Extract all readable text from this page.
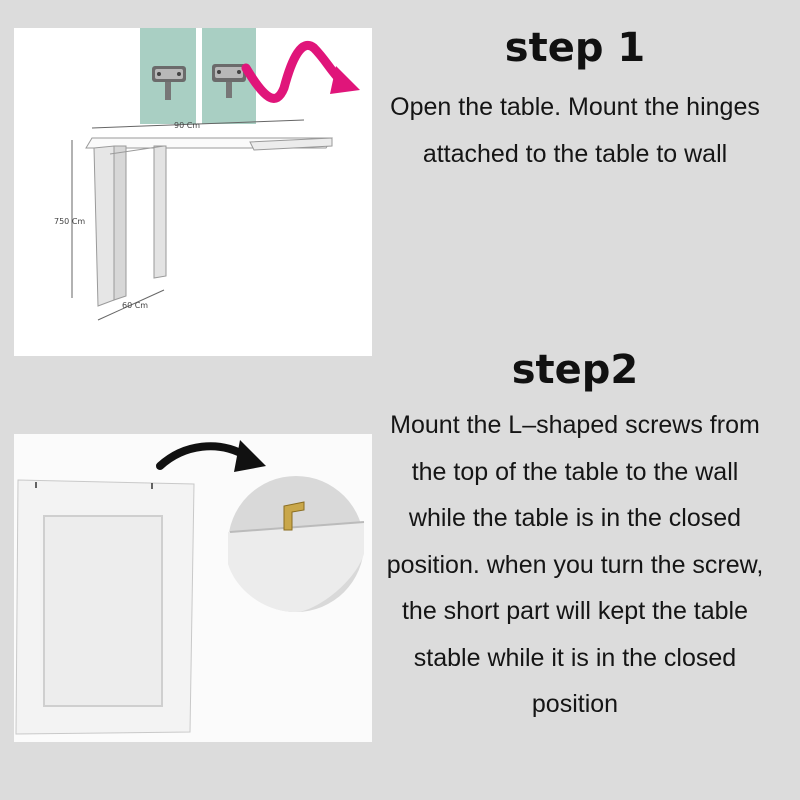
90 Cm
750 Cm
60 Cm
step 1

Open the table. Mount the hinges attached to the table to wall

step2

Mount the L–shaped screws from the top of the table to the wall while the table is in the closed position. when you turn the screw, the short part will kept the table stable while it is in the closed position
